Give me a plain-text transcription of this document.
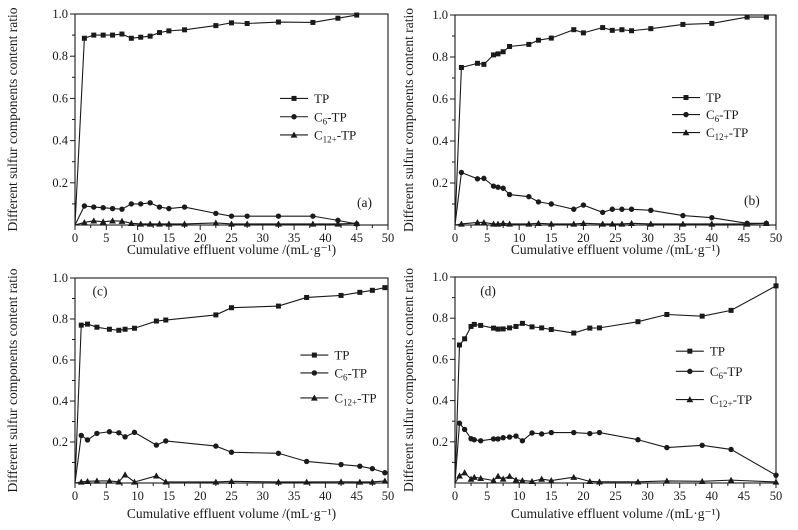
0 5 10 15 20 25 30 35 40 45 50
0.2
0.4
0.6
0.8
1.0
Cumulative effluent volume /(mL·g⁻¹)
Different sulfur components content ratio	TP
$C_6-TP$
$C_{12+}-TP$
(a)
0 5 10 15 20 25 30 35 40 45 50
0.2
0.4
0.6
0.8
1.0
Cumulative effluent volume /(mL·g⁻¹)
Different sulfur components content ratio	TP
$C_6-TP$
$C_{12+}-TP$
(b)
0 5 10 15 20 25 30 35 40 45 50
0.2
0.4
0.6
0.8
1.0
Cumulative effluent volume /(mL·g⁻¹)
Different sulfur components content ratio	TP
$C_6-TP$
$C_{12+}-TP$
(c)
0 5 10 15 20 25 30 35 40 45 50
0.2
0.4
0.6
0.8
1.0
Cumulative effluent volume /(mL·g⁻¹)
Different sulfur components content ratio	TP
$C_6-TP$
$C_{12+}-TP$
(d)
